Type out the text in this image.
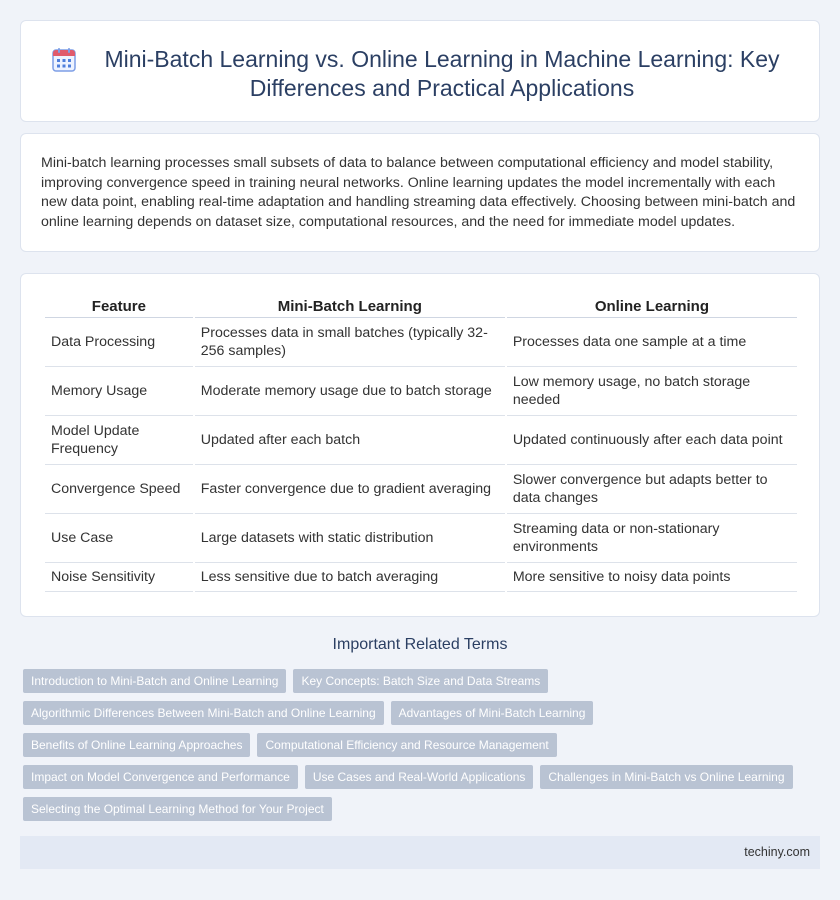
Mini-Batch Learning vs. Online Learning in Machine Learning: Key Differences and Practical Applications

Mini-batch learning processes small subsets of data to balance between computational efficiency and model stability, improving convergence speed in training neural networks. Online learning updates the model incrementally with each new data point, enabling real-time adaptation and handling streaming data effectively. Choosing between mini-batch and online learning depends on dataset size, computational resources, and the need for immediate model updates.

Feature	Mini-Batch Learning	Online Learning
Data Processing	Processes data in small batches (typically 32-256 samples)	Processes data one sample at a time
Memory Usage	Moderate memory usage due to batch storage	Low memory usage, no batch storage needed
Model Update Frequency	Updated after each batch	Updated continuously after each data point
Convergence Speed	Faster convergence due to gradient averaging	Slower convergence but adapts better to data changes
Use Case	Large datasets with static distribution	Streaming data or non-stationary environments
Noise Sensitivity	Less sensitive due to batch averaging	More sensitive to noisy data points
Important Related Terms
Introduction to Mini-Batch and Online Learning	Key Concepts: Batch Size and Data Streams
Algorithmic Differences Between Mini-Batch and Online Learning	Advantages of Mini-Batch Learning
Benefits of Online Learning Approaches	Computational Efficiency and Resource Management
Impact on Model Convergence and Performance	Use Cases and Real-World Applications	Challenges in Mini-Batch vs Online Learning
Selecting the Optimal Learning Method for Your Project
techiny.com
